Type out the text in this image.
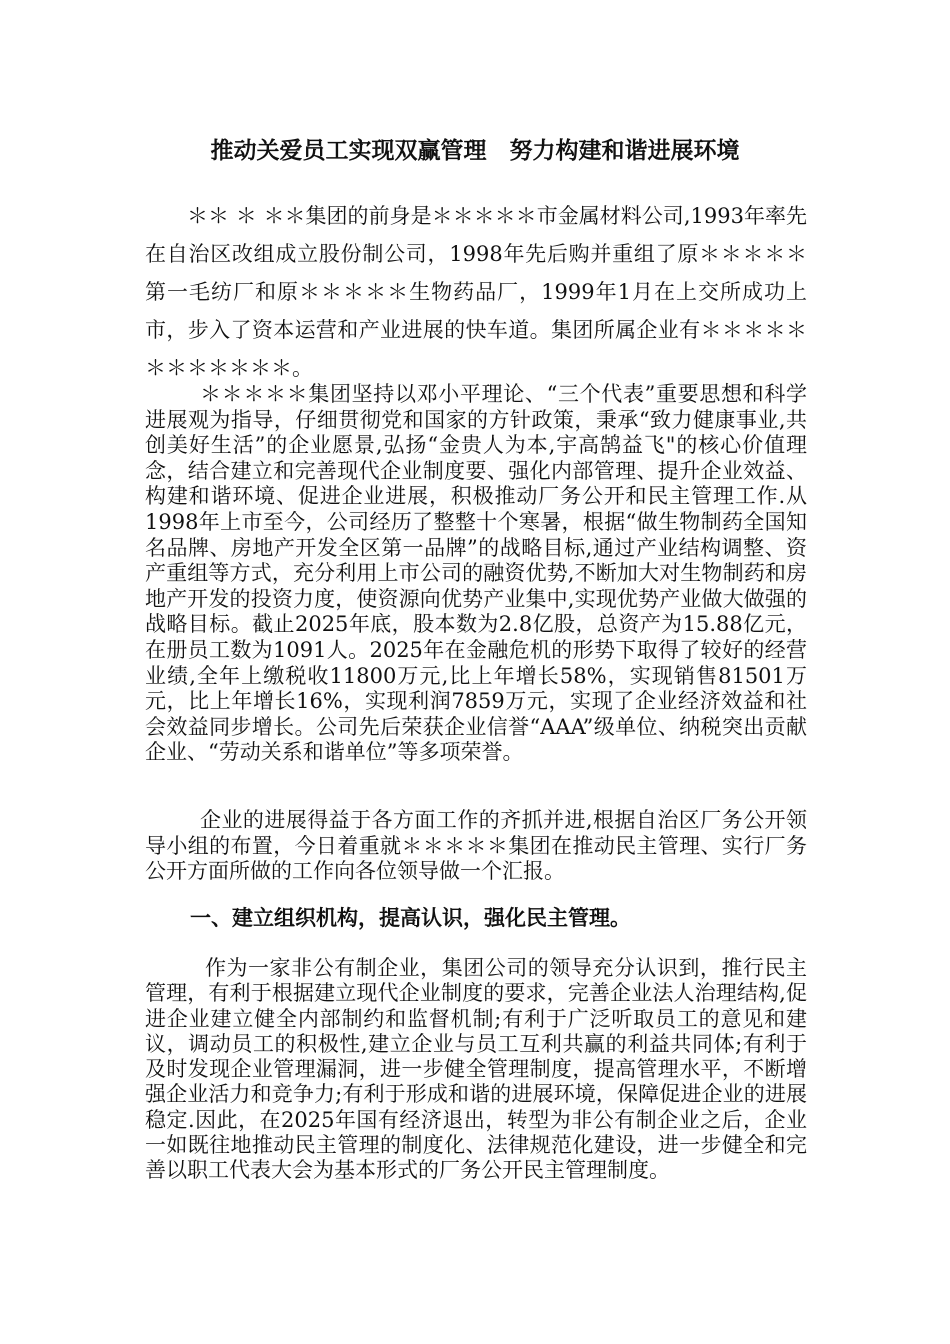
推动关爱员工实现双赢管理　努力构建和谐进展环境

＊＊ ＊ ＊＊集团的前身是＊＊＊＊＊市金属材料公司,1993年率先在自治区改组成立股份制公司，1998年先后购并重组了原＊＊＊＊＊第一毛纺厂和原＊＊＊＊＊生物药品厂，1999年1月在上交所成功上市，步入了资本运营和产业进展的快车道。集团所属企业有＊＊＊＊＊＊＊＊＊＊＊＊。

＊＊＊＊＊集团坚持以邓小平理论、“三个代表”重要思想和科学进展观为指导，仔细贯彻党和国家的方针政策，秉承“致力健康事业,共创美好生活”的企业愿景,弘扬“金贵人为本,宇高鹄益飞"的核心价值理念，结合建立和完善现代企业制度要、强化内部管理、提升企业效益、构建和谐环境、促进企业进展，积极推动厂务公开和民主管理工作.从1998年上市至今，公司经历了整整十个寒暑，根据“做生物制药全国知名品牌、房地产开发全区第一品牌”的战略目标,通过产业结构调整、资产重组等方式，充分利用上市公司的融资优势,不断加大对生物制药和房地产开发的投资力度，使资源向优势产业集中,实现优势产业做大做强的战略目标。截止2025年底，股本数为2.8亿股，总资产为15.88亿元，在册员工数为1091人。2025年在金融危机的形势下取得了较好的经营业绩,全年上缴税收11800万元,比上年增长58%，实现销售81501万元，比上年增长16%，实现利润7859万元，实现了企业经济效益和社会效益同步增长。公司先后荣获企业信誉“AAA”级单位、纳税突出贡献企业、“劳动关系和谐单位”等多项荣誉。

企业的进展得益于各方面工作的齐抓并进,根据自治区厂务公开领导小组的布置，今日着重就＊＊＊＊＊集团在推动民主管理、实行厂务公开方面所做的工作向各位领导做一个汇报。

一、建立组织机构，提高认识，强化民主管理。

作为一家非公有制企业，集团公司的领导充分认识到，推行民主管理，有利于根据建立现代企业制度的要求，完善企业法人治理结构,促进企业建立健全内部制约和监督机制;有利于广泛听取员工的意见和建议，调动员工的积极性,建立企业与员工互利共赢的利益共同体;有利于及时发现企业管理漏洞，进一步健全管理制度，提高管理水平，不断增强企业活力和竞争力;有利于形成和谐的进展环境，保障促进企业的进展稳定.因此，在2025年国有经济退出，转型为非公有制企业之后，企业一如既往地推动民主管理的制度化、法律规范化建设，进一步健全和完善以职工代表大会为基本形式的厂务公开民主管理制度。
